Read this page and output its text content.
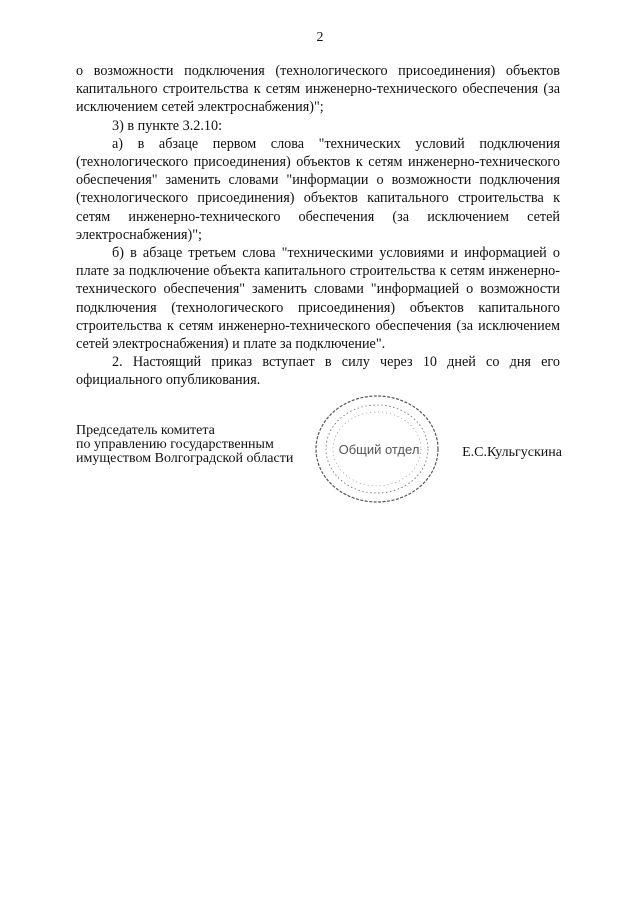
2

о возможности подключения (технологического присоединения) объектов капитального строительства к сетям инженерно-технического обеспечения (за исключением сетей электроснабжения)";

3) в пункте 3.2.10:

а) в абзаце первом слова "технических условий подключения (технологического присоединения) объектов к сетям инженерно-технического обеспечения" заменить словами "информации о возможности подключения (технологического присоединения) объектов капитального строительства к сетям инженерно-технического обеспечения (за исключением сетей электроснабжения)";

б) в абзаце третьем слова "техническими условиями и информацией о плате за подключение объекта капитального строительства к сетям инженерно-технического обеспечения" заменить словами "информацией о возможности подключения (технологического присоединения) объектов капитального строительства к сетям инженерно-технического обеспечения (за исключением сетей электроснабжения) и плате за подключение".

2. Настоящий приказ вступает в силу через 10 дней со дня его официального опубликования.

Председатель комитета
по управлению государственным
имуществом Волгоградской области
Общий отдел	Е.С.Кульгускина
